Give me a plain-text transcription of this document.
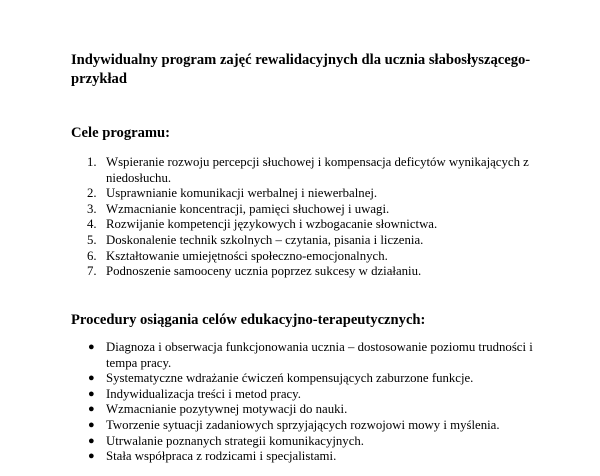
Indywidualny program zajęć rewalidacyjnych dla ucznia słabosłyszącego-przykład
Cele programu:
1. Wspieranie rozwoju percepcji słuchowej i kompensacja deficytów wynikających z niedosłuchu.
2. Usprawnianie komunikacji werbalnej i niewerbalnej.
3. Wzmacnianie koncentracji, pamięci słuchowej i uwagi.
4. Rozwijanie kompetencji językowych i wzbogacanie słownictwa.
5. Doskonalenie technik szkolnych – czytania, pisania i liczenia.
6. Kształtowanie umiejętności społeczno-emocjonalnych.
7. Podnoszenie samooceny ucznia poprzez sukcesy w działaniu.
Procedury osiągania celów edukacyjno-terapeutycznych:
● Diagnoza i obserwacja funkcjonowania ucznia – dostosowanie poziomu trudności i tempa pracy.
● Systematyczne wdrażanie ćwiczeń kompensujących zaburzone funkcje.
● Indywidualizacja treści i metod pracy.
● Wzmacnianie pozytywnej motywacji do nauki.
● Tworzenie sytuacji zadaniowych sprzyjających rozwojowi mowy i myślenia.
● Utrwalanie poznanych strategii komunikacyjnych.
● Stała współpraca z rodzicami i specjalistami.
